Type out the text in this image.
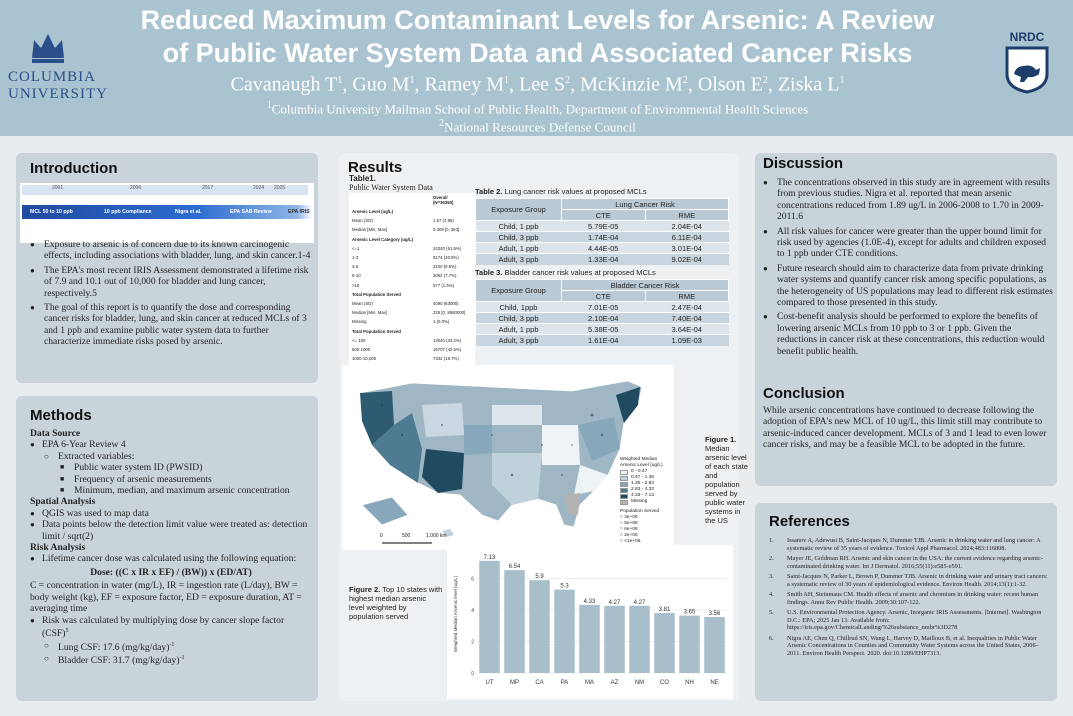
COLUMBIA
UNIVERSITY
Reduced Maximum Contaminant Levels for Arsenic: A Review
of Public Water System Data and Associated Cancer Risks
Cavanaugh $T^1$, Guo $M^1$, Ramey $M^1$, Lee $S^2$, McKinzie $M^2$, Olson $E^2$, Ziska $L^1$
$^1$Columbia University Mailman School of Public Health, Department of Environmental Health Sciences
$^2$National Resources Defense Council
NRDC
Introduction
2001	2006	2017	2024 2025
MCL 50 to 10 ppb	10 ppb Compliance	Nigra et al.	EPA SAB Review	EPA IRIS
● Exposure to arsenic is of concern due to its known carcinogenic effects, including associations with bladder, lung, and skin cancer.1-4
● The EPA's most recent IRIS Assessment demonstrated a lifetime risk of 7.9 and 10.1 out of 10,000 for bladder and lung cancer, respectively.5
● The goal of this report is to quantify the dose and corresponding cancer risks for bladder, lung, and skin cancer at reduced MCLs of 3 and 1 ppb and examine public water system data to further characterize immediate risks posed by arsenic.
Methods
Data Source
● EPA 6-Year Review 4
○ Extracted variables:
■ Public water system ID (PWSID)
■ Frequency of arsenic measurements
■ Minimum, median, and maximum arsenic concentration
Spatial Analysis
● QGIS was used to map data
● Data points below the detection limit value were treated as: detection limit / sqrt(2)
Risk Analysis
● Lifetime cancer dose was calculated using the following equation:
Dose: ((C x IR x EF) / (BW)) x (ED/AT)
C = concentration in water (mg/L), IR = ingestion rate (L/day), BW = body weight (kg), EF = exposure factor, ED = exposure duration, AT = averaging time
● Risk was calculated by multiplying dose by cancer slope factor (CSF)$^5$
○ Lung CSF: 17.6 $(mg/kg/day)^{-1}$
○ Bladder CSF: 31.7 $(mg/kg/day)^{-1}$
Results
Table1.
Public Water System Data
Overall
(N=36350)
Arsenic Level (ug/L)
Mean (SD)	1.67 (4.85)
Median [Min, Max]	0.309 [0, 363]
Arsenic Level Category (ug/L)
<=1	24340 (61.9%)
1-3	8174 (20.8%)
3-5	3100 (8.5%)
5-10	3052 (7.7%)
>10	577 (1.5%)
Total Population Served
Mean (SD)	4090 (63000)
Median [Min, Max]	226 [0, 8560000]
Missing	1 (0.0%)
Total Population Served
<= 100	13040 (33.2%)
500-1000	16707 (42.5%)
1000-10,000	7332 (18.7%)
Table 2. Lung cancer risk values at proposed MCLs
Exposure Group	Lung Cancer Risk	
	CTE	RME
Child, 1 ppb	5.79E-05	2.04E-04
Child, 3 ppb	1.74E-04	6.11E-04
Adult, 1 ppb	4.44E-05	3.01E-04
Adult, 3 ppb	1.33E-04	9.02E-04
Table 3. Bladder cancer risk values at proposed MCLs
Exposure Group	Bladder Cancer Risk	
	CTE	RME
Child, 1ppb	7.01E-05	2.47E-04
Child, 3 ppb	2.10E-04	7.40E-04
Adult, 1 ppb	5.38E-05	3.64E-04
Adult, 3 ppb	1.61E-04	1.09E-03
0	500	1,000 km
Weighted Median Arsenic Level (ug/L)
0 - 0.47
0.47 - 1.35
1.35 - 2.83
2.83 - 4.33
4.33 - 7.13
Missing
Population Served
○ 3e+06
○ 5e+06
○ 6e+06
○ 2e+06
○ <1e+06
Figure 1. Median arsenic level of each state and population served by public water systems in the US
Figure 2. Top 10 states with highest median arsenic level weighted by population served
0
2
4
6
7.13
UT
6.54
MP
5.9
CA
5.3
PA
4.33
MA
4.27
AZ
4.27
NM
3.81
CO
3.65
NH
3.56
NE
Weighted Median Arsenic level (ug/L)
Discussion
● The concentrations observed in this study are in agreement with results from previous studies. Nigra et al. reported that mean arsenic concentrations reduced from 1.89 ug/L in 2006-2008 to 1.70 in 2009-2011.6
● All risk values for cancer were greater than the upper bound limit for risk used by agencies (1.0E-4), except for adults and children exposed to 1 ppb under CTE conditions.
● Future research should aim to characterize data from private drinking water systems and quantify cancer risk among specific populations, as the heterogeneity of US populations may lead to different risk estimates compared to those presented in this study.
● Cost-benefit analysis should be performed to explore the benefits of lowering arsenic MCLs from 10 ppb to 3 or 1 ppb. Given the reductions in cancer risk at these concentrations, this reduction would benefit public health.
Conclusion
While arsenic concentrations have continued to decrease following the adoption of EPA's new MCL of 10 ug/L, this limit still may contribute to arsenic-induced cancer development. MCLs of 3 and 1 lead to even lower cancer risks, and may be a feasible MCL to be adopted in the future.
References
1. Issanov A, Adewusi B, Saint-Jacques N, Dummer TJB. Arsenic in drinking water and lung cancer: A systematic review of 35 years of evidence. Toxicol Appl Pharmacol. 2024;483:116808.
2. Mayer JE, Goldman RH. Arsenic and skin cancer in the USA: the current evidence regarding arsenic-contaminated drinking water. Int J Dermatol. 2016;55(11):e585-e591.
3. Saint-Jacques N, Parker L, Brown P, Dummer TJB. Arsenic in drinking water and urinary tract cancers: a systematic review of 30 years of epidemiological evidence. Environ Health. 2014;13(1):1-32.
4. Smith AH, Steinmaus CM. Health effects of arsenic and chromium in drinking water: recent human findings. Annu Rev Public Health. 2009;30:107-122.
5. U.S. Environmental Protection Agency. Arsenic, Inorganic IRIS Assessments. [Internet]. Washington D.C.: EPA; 2025 Jan 13. Available from: https://iris.epa.gov/ChemicalLanding/%26substance_nmbr%3D278
6. Nigra AE, Chen Q, Chillrud SN, Wang L, Harvey D, Mailloux B, et al. Inequalities in Public Water Arsenic Concentrations in Counties and Community Water Systems across the United States, 2006–2011. Environ Health Perspect. 2020. doi:10.1289/EHP7313.
